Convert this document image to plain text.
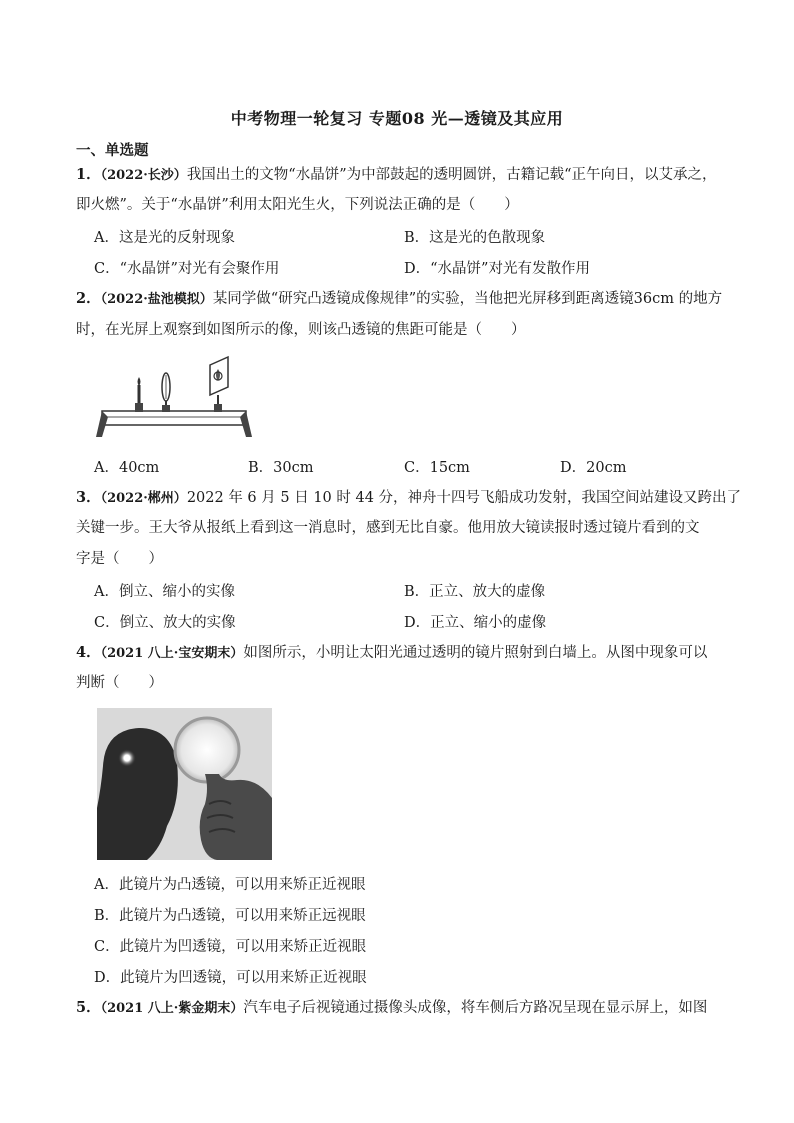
中考物理一轮复习 专题08 光—透镜及其应用
一、单选题
1．（2022·长沙）我国出土的文物“水晶饼”为中部鼓起的透明圆饼，古籍记载“正午向日，以艾承之，
即火燃”。关于“水晶饼”利用太阳光生火，下列说法正确的是（　　）
A．这是光的反射现象	B．这是光的色散现象
C．“水晶饼”对光有会聚作用	D．“水晶饼”对光有发散作用
2．（2022·盐池模拟）某同学做“研究凸透镜成像规律”的实验，当他把光屏移到距离透镜36cm 的地方
时，在光屏上观察到如图所示的像，则该凸透镜的焦距可能是（　　）
A．40cm	B．30cm	C．15cm	D．20cm
3．（2022·郴州）2022 年 6 月 5 日 10 时 44 分，神舟十四号飞船成功发射，我国空间站建设又跨出了
关键一步。王大爷从报纸上看到这一消息时，感到无比自豪。他用放大镜读报时透过镜片看到的文
字是（　　）
A．倒立、缩小的实像	B．正立、放大的虚像
C．倒立、放大的实像	D．正立、缩小的虚像
4．（2021 八上·宝安期末）如图所示，小明让太阳光通过透明的镜片照射到白墙上。从图中现象可以
判断（　　）
A．此镜片为凸透镜，可以用来矫正近视眼
B．此镜片为凸透镜，可以用来矫正远视眼
C．此镜片为凹透镜，可以用来矫正近视眼
D．此镜片为凹透镜，可以用来矫正近视眼
5．（2021 八上·紫金期末）汽车电子后视镜通过摄像头成像，将车侧后方路况呈现在显示屏上，如图
